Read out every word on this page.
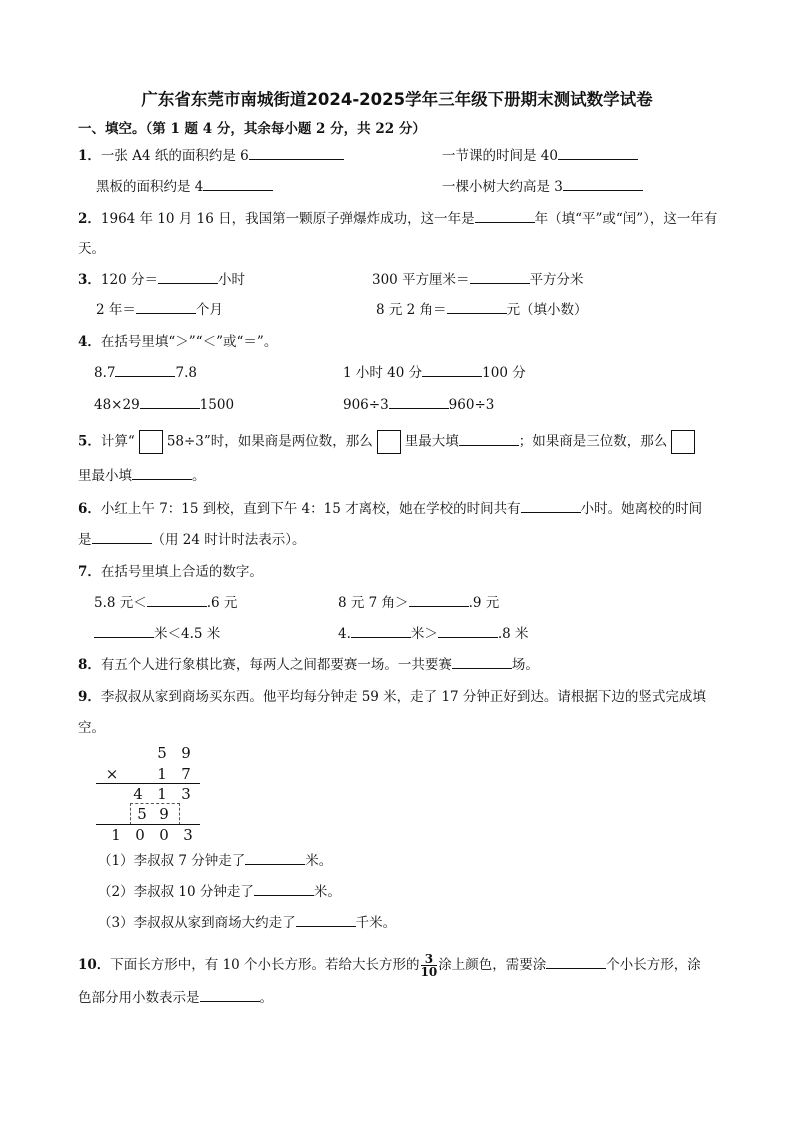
广东省东莞市南城街道2024-2025学年三年级下册期末测试数学试卷
一、填空。（第 1 题 4 分，其余每小题 2 分，共 22 分）
1．一张 A4 纸的面积约是 6	一节课的时间是 40
黑板的面积约是 4	一棵小树大约高是 3
2．1964 年 10 月 16 日，我国第一颗原子弹爆炸成功，这一年是	年（填“平”或“闰”），这一年有
天。
3．120 分＝	小时	300 平方厘米＝	平方分米
2 年＝	个月	8 元 2 角＝	元（填小数）
4．在括号里填“＞”“＜”或“＝”。
8.7	7.8	1 小时 40 分	100 分
48×29	1500	906÷3	960÷3
5．计算“ 58÷3”时，如果商是两位数，那么 里最大填	；如果商是三位数，那么
里最小填	。
6．小红上午 7：15 到校，直到下午 4：15 才离校，她在学校的时间共有	小时。她离校的时间
是	（用 24 时计时法表示）。
7．在括号里填上合适的数字。
5.8 元＜	.6 元	8 元 7 角＞	.9 元
米＜4.5 米	4.	米＞	.8 米
8．有五个人进行象棋比赛，每两人之间都要赛一场。一共要赛	场。
9．李叔叔从家到商场买东西。他平均每分钟走 59 米，走了 17 分钟正好到达。请根据下边的竖式完成填
空。
5 9
×	1 7
4 1 3
5 9
1 0 0 3
（1）李叔叔 7 分钟走了	米。
（2）李叔叔 10 分钟走了	米。
（3）李叔叔从家到商场大约走了	千米。
10．下面长方形中，有 10 个小长方形。若给大长方形的 $\frac{3}{10}$ 涂上颜色，需要涂	个小长方形，涂
色部分用小数表示是	。
